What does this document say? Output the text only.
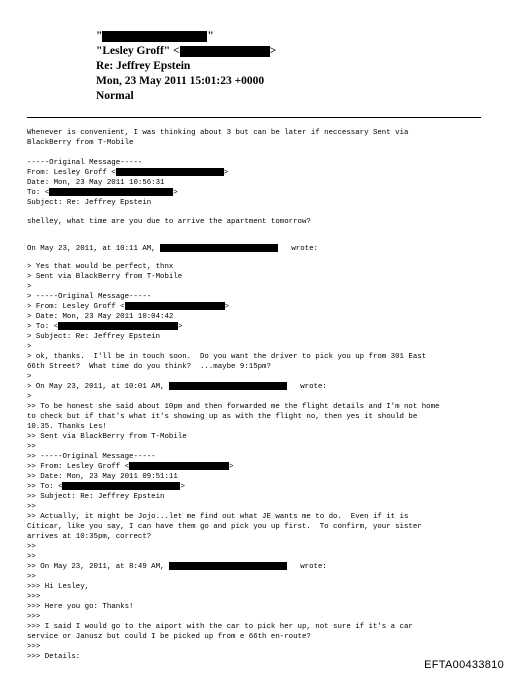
"	"
"Lesley Groff" <	>
Re: Jeffrey Epstein
Mon, 23 May 2011 15:01:23 +0000
Normal
Whenever is convenient, I was thinking about 3 but can be later if neccessary Sent via
BlackBerry from T-Mobile
-----Original Message-----
From: Lesley Groff <	>
Date: Mon, 23 May 2011 10:56:31
To: <	>
Subject: Re: Jeffrey Epstein
shelley, what time are you due to arrive the apartment tomorrow?
On May 23, 2011, at 10:11 AM,	wrote:
> Yes that would be perfect, thnx
> Sent via BlackBerry from T-Mobile
>
> -----Original Message-----
> From: Lesley Groff <	>
> Date: Mon, 23 May 2011 10:04:42
> To: <	>
> Subject: Re: Jeffrey Epstein
>
> ok, thanks.  I'll be in touch soon.  Do you want the driver to pick you up from 301 East
66th Street?  What time do you think?  ...maybe 9:15pm?
>
> On May 23, 2011, at 10:01 AM,	wrote:
>
>> To be honest she said about 10pm and then forwarded me the flight details and I'm not home
to check but if that's what it's showing up as with the flight no, then yes it should be
10.35. Thanks Les!
>> Sent via BlackBerry from T-Mobile
>>
>> -----Original Message-----
>> From: Lesley Groff <	>
>> Date: Mon, 23 May 2011 09:51:11
>> To: <	>
>> Subject: Re: Jeffrey Epstein
>>
>> Actually, it might be Jojo...let me find out what JE wants me to do.  Even if it is
Citicar, like you say, I can have them go and pick you up first.  To confirm, your sister
arrives at 10:35pm, correct?
>>
>>
>> On May 23, 2011, at 8:49 AM,	wrote:
>>
>>> Hi Lesley,
>>>
>>> Here you go: Thanks!
>>>
>>> I said I would go to the aiport with the car to pick her up, not sure if it's a car
service or Janusz but could I be picked up from e 66th en-route?
>>>
>>> Details:
EFTA00433810
